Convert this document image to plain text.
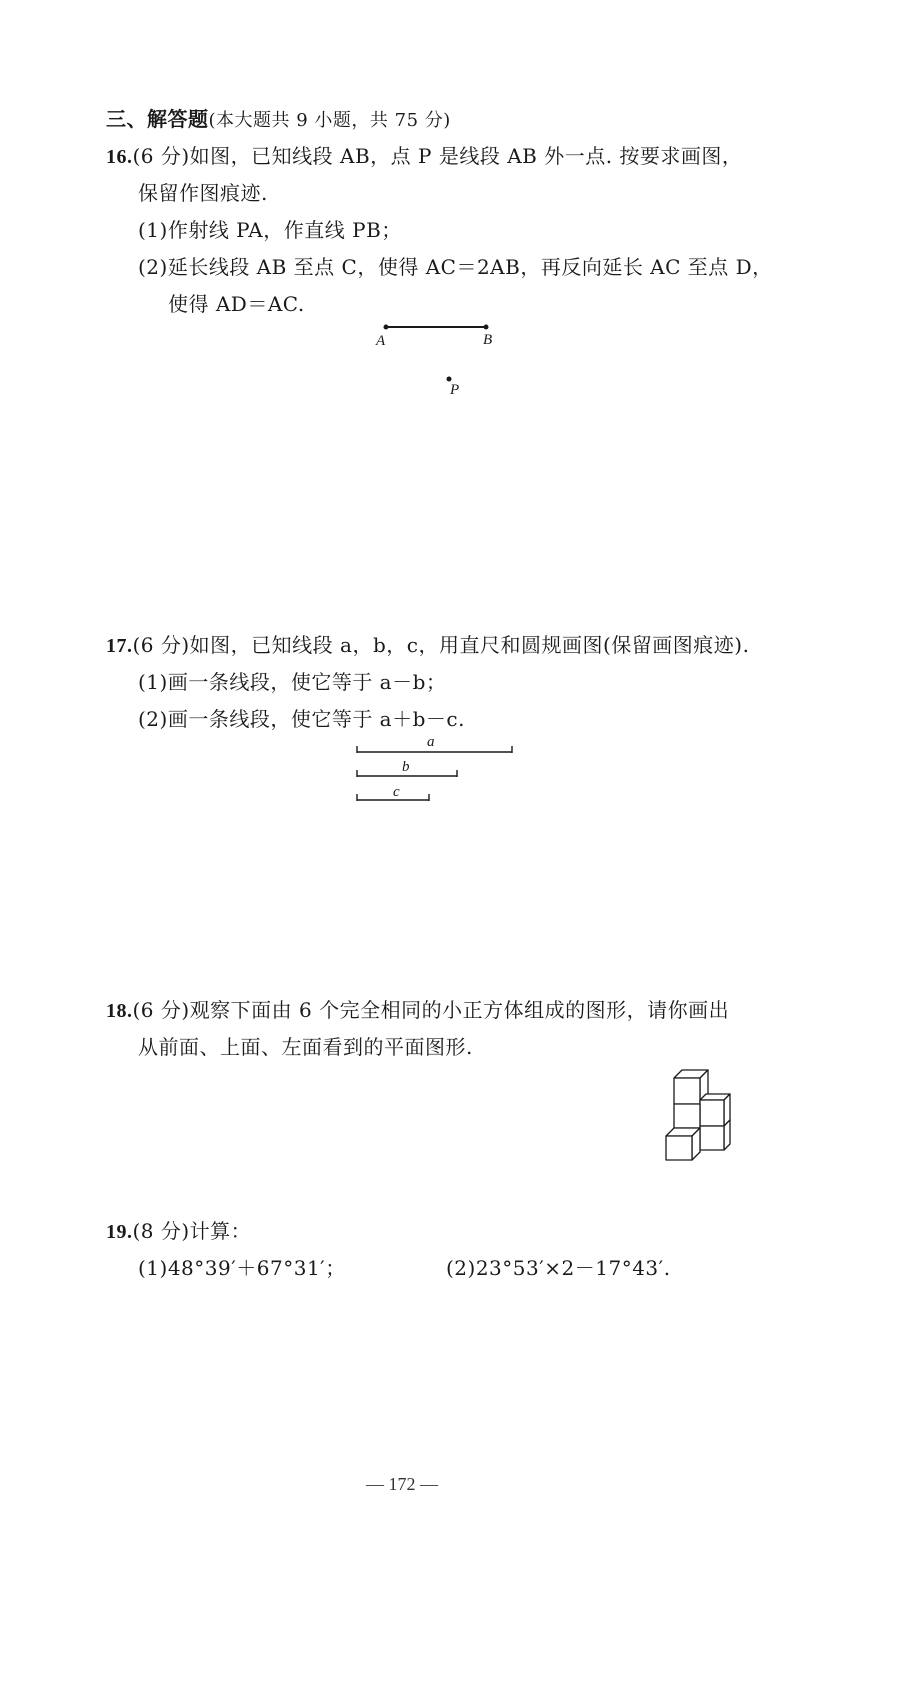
三、解答题(本大题共 9 小题，共 75 分)
16.(6 分)如图，已知线段 AB，点 P 是线段 AB 外一点. 按要求画图，
保留作图痕迹.
(1)作射线 PA，作直线 PB；
(2)延长线段 AB 至点 C，使得 AC＝2AB，再反向延长 AC 至点 D，
使得 AD＝AC.
A	B
P
17.(6 分)如图，已知线段 a，b，c，用直尺和圆规画图(保留画图痕迹).
(1)画一条线段，使它等于 a－b；
(2)画一条线段，使它等于 a＋b－c.
a
b
c
18.(6 分)观察下面由 6 个完全相同的小正方体组成的图形，请你画出
从前面、上面、左面看到的平面图形.
19.(8 分)计算：
(1)48°39′＋67°31′；	(2)23°53′×2－17°43′.
— 172 —
